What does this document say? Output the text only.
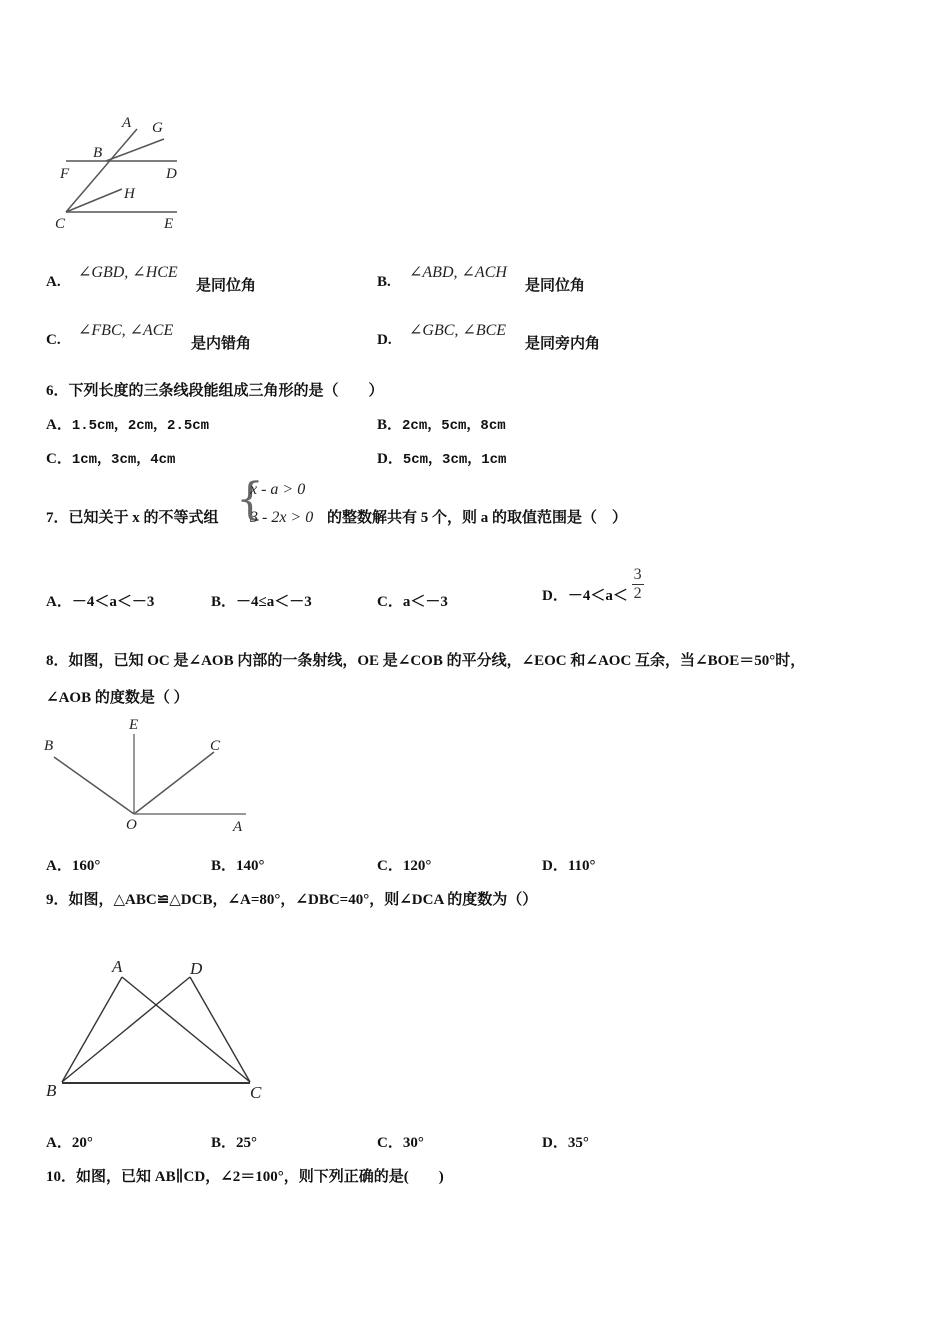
A G
B
F	D
H
C	E
A.
∠GBD, ∠HCE
是同位角	B.
∠ABD, ∠ACH
是同位角
C.
∠FBC, ∠ACE
是内错角	D.
∠GBC, ∠BCE
是同旁内角
6．下列长度的三条线段能组成三角形的是（　　）
A．1.5cm，2cm，2.5cm	B．2cm，5cm，8cm
C．1cm，3cm，4cm	D．5cm，3cm，1cm
7．已知关于 x 的不等式组 {
x - a > 0
3 - 2x > 0 的整数解共有 5 个，则 a 的取值范围是（　）
A．－4＜a＜－3	B．－4≤a＜－3	C．a＜－3	D．$-4<a< \frac{3}{2}$
8．如图，已知 OC 是∠AOB 内部的一条射线，OE 是∠COB 的平分线，∠EOC 和∠AOC 互余，当∠BOE＝50°时，
∠AOB 的度数是（ ）
B
E
C
O	A
A．160°	B．140°	C．120°	D．110°
9．如图，△ABC≌△DCB，∠A=80°，∠DBC=40°，则∠DCA 的度数为（）
A	D
B	C
A．20°	B．25°	C．30°	D．35°
10．如图，已知 AB∥CD，∠2＝100°，则下列正确的是(　　)
